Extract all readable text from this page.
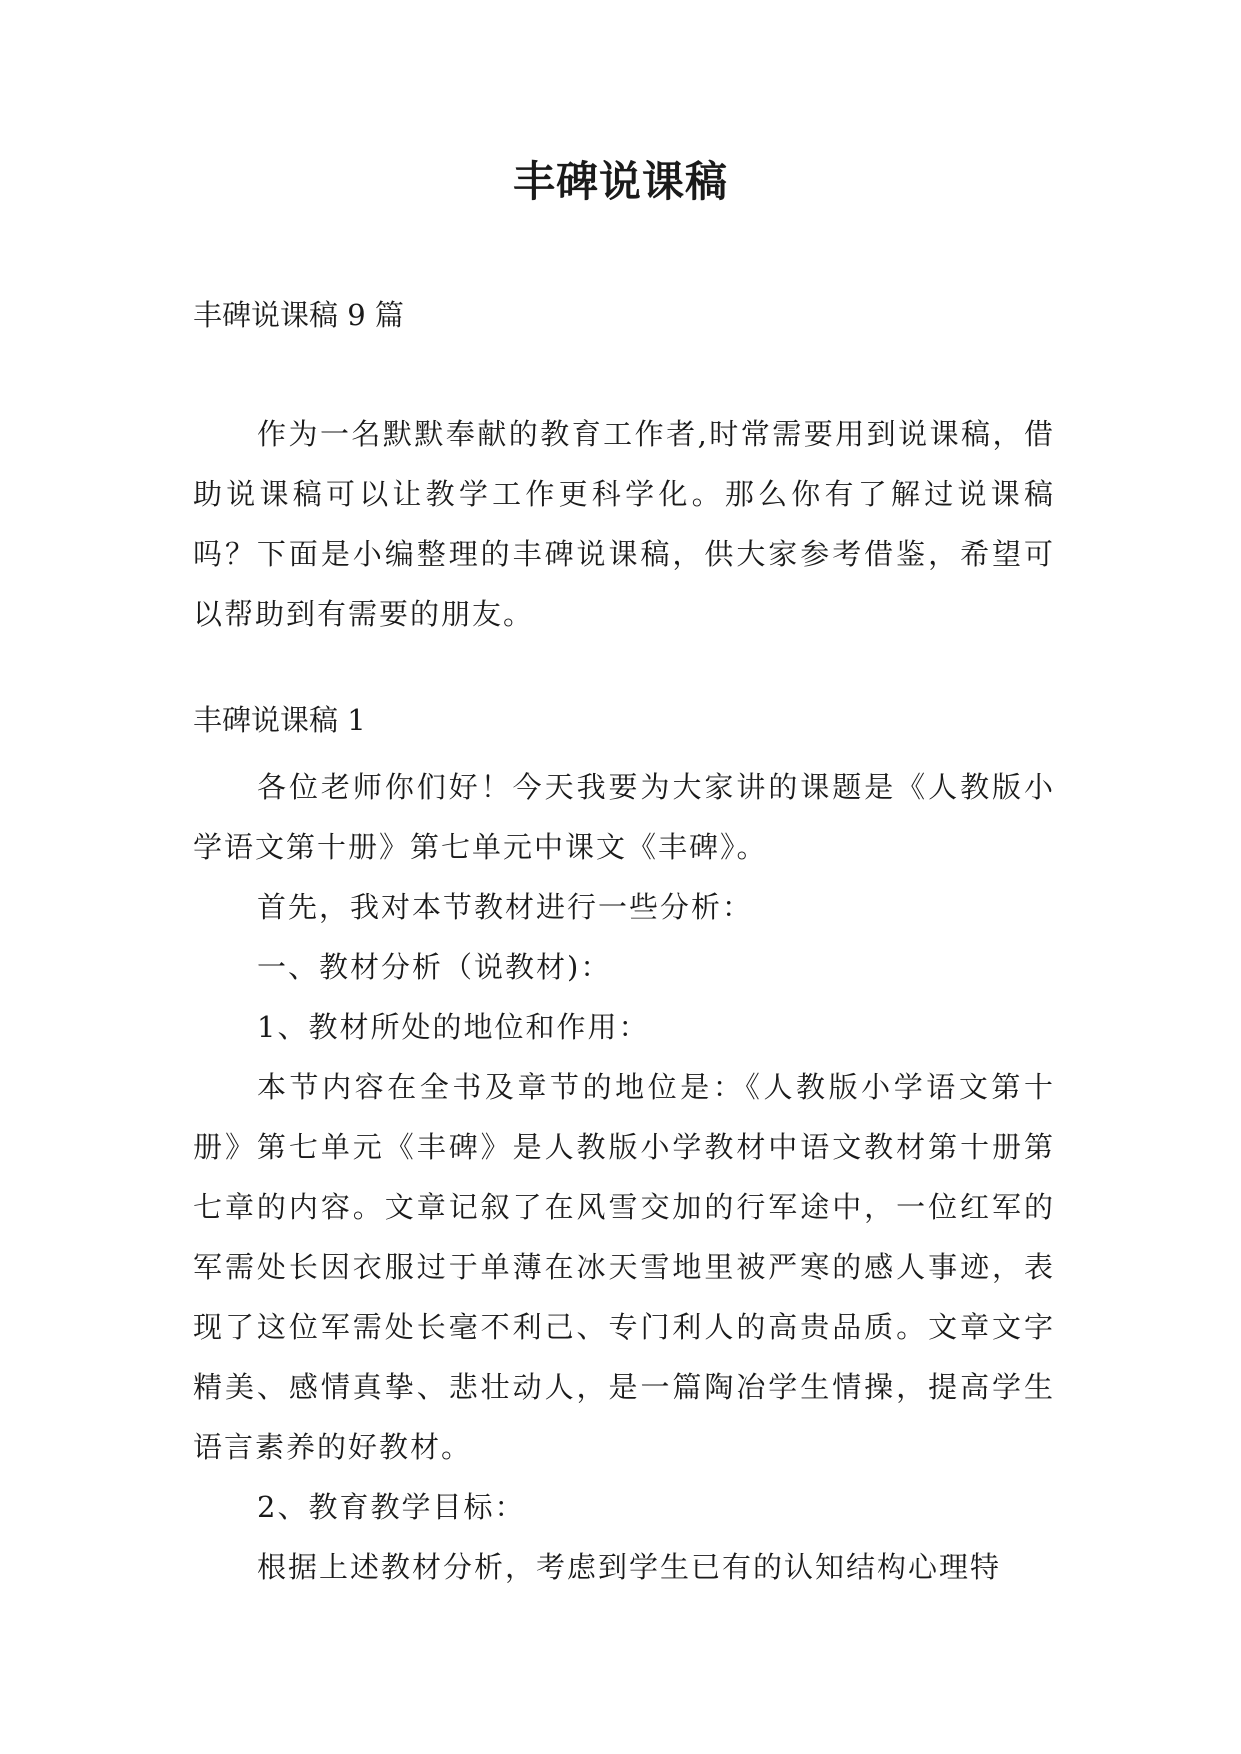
丰碑说课稿

丰碑说课稿 9 篇

作为一名默默奉献的教育工作者,时常需要用到说课稿，借助说课稿可以让教学工作更科学化。那么你有了解过说课稿吗？下面是小编整理的丰碑说课稿，供大家参考借鉴，希望可以帮助到有需要的朋友。

丰碑说课稿 1

各位老师你们好！今天我要为大家讲的课题是《人教版小学语文第十册》第七单元中课文《丰碑》。

首先，我对本节教材进行一些分析：

一、教材分析（说教材)：

1、教材所处的地位和作用：

本节内容在全书及章节的地位是：《人教版小学语文第十册》第七单元《丰碑》是人教版小学教材中语文教材第十册第七章的内容。文章记叙了在风雪交加的行军途中，一位红军的军需处长因衣服过于单薄在冰天雪地里被严寒的感人事迹，表现了这位军需处长毫不利己、专门利人的高贵品质。文章文字精美、感情真挚、悲壮动人，是一篇陶冶学生情操，提高学生语言素养的好教材。

2、教育教学目标：

根据上述教材分析，考虑到学生已有的认知结构心理特
